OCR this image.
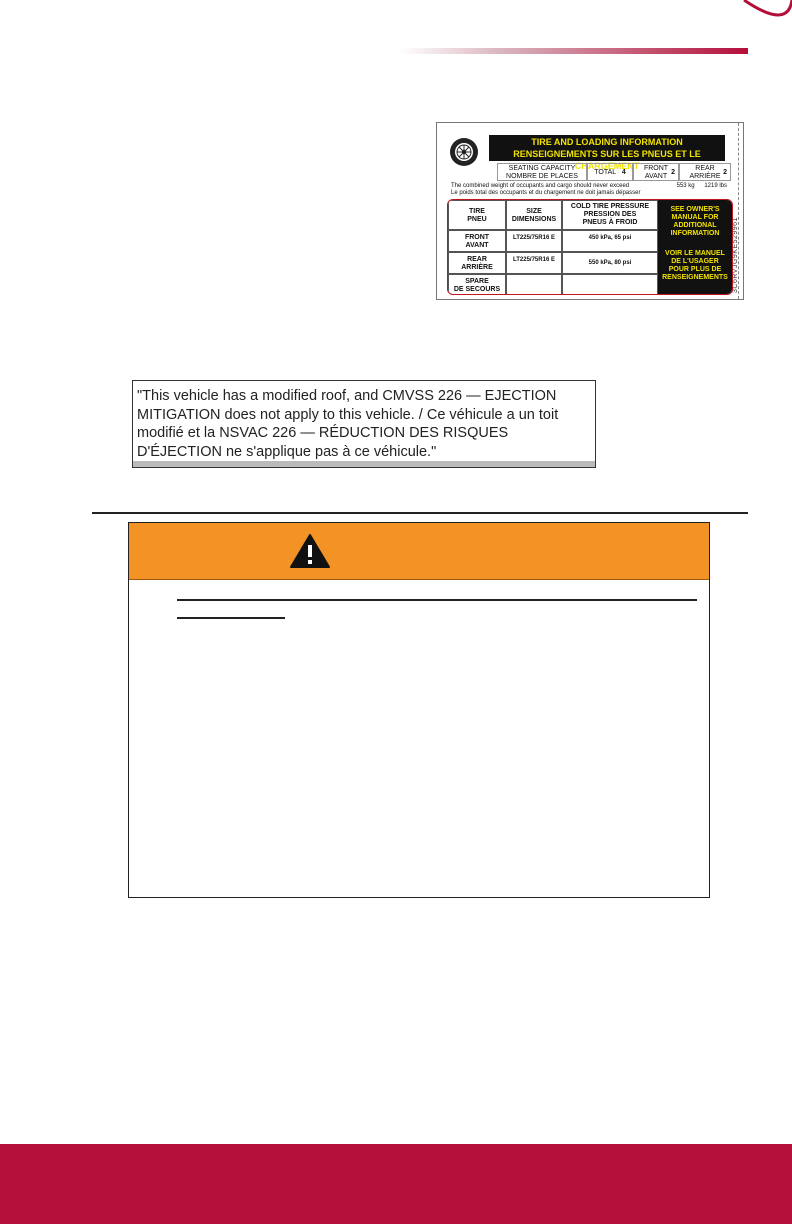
3C6RVJG9KE529961
TIRE AND LOADING INFORMATION
RENSEIGNEMENTS SUR LES PNEUS ET LE CHARGEMENT
SEATING CAPACITY
NOMBRE DE PLACES
TOTAL 4
FRONT
AVANT
2
REAR
ARRIÈRE
2
The combined weight of occupants and cargo should never exceed
Le poids total des occupants et du chargement ne doit jamais dépasser
553 kg 1219 lbs
TIRE
PNEU
SIZE
DIMENSIONS
COLD TIRE PRESSURE
PRESSION DES
PNEUS À FROID
FRONT
AVANT
LT225/75R16 E	450 kPa, 65 psi
REAR
ARRIÈRE
LT225/75R16 E	550 kPa, 80 psi
SPARE
DE SECOURS
SEE OWNER'S
MANUAL FOR
ADDITIONAL
INFORMATION
VOIR LE MANUEL
DE L'USAGER
POUR PLUS DE
RENSEIGNEMENTS
"This vehicle has a modified roof, and CMVSS 226 — EJECTION
MITIGATION does not apply to this vehicle. / Ce véhicule a un toit
modifié et la NSVAC 226 — RÉDUCTION DES RISQUES
D'ÉJECTION ne s'applique pas à ce véhicule."
